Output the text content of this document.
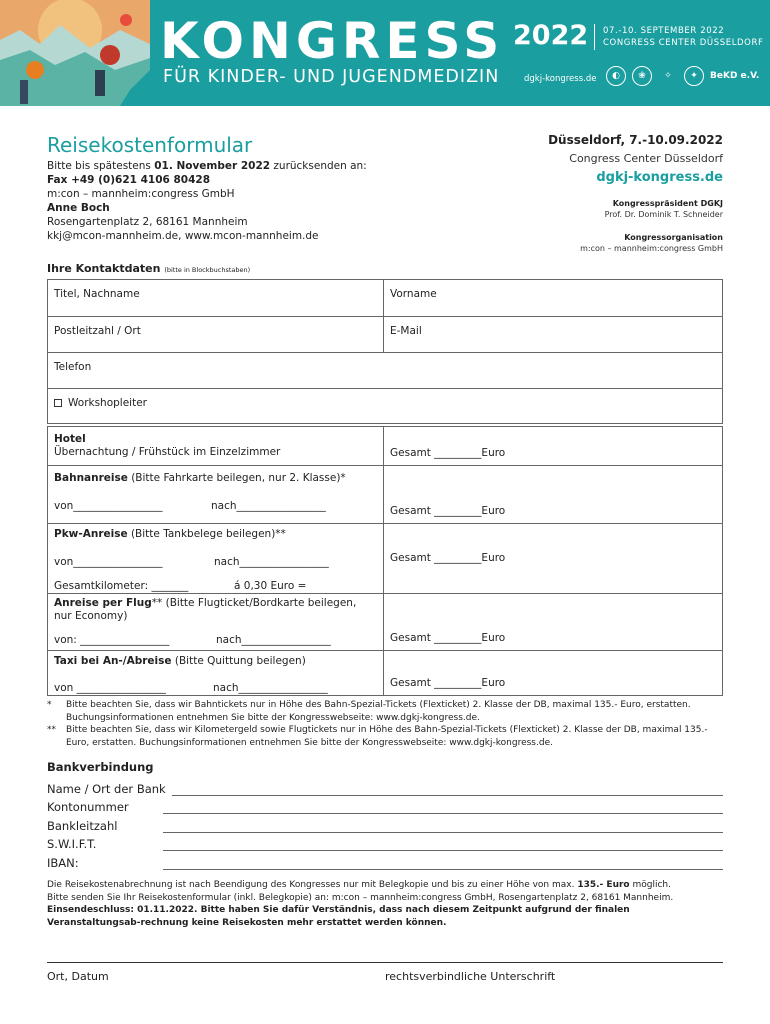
KONGRESS
FÜR KINDER- UND JUGENDMEDIZIN
2022 07.-10. SEPTEMBER 2022
CONGRESS CENTER DÜSSELDORF
dgkj-kongress.de	◐	❀	✧	✦	BeKD e.V.
Reisekostenformular
Bitte bis spätestens 01. November 2022 zurücksenden an:
Fax +49 (0)621 4106 80428
m:con – mannheim:congress GmbH
Anne Boch
Rosengartenplatz 2, 68161 Mannheim
kkj@mcon-mannheim.de, www.mcon-mannheim.de
Düsseldorf, 7.-10.09.2022
Congress Center Düsseldorf
dgkj-kongress.de
Kongresspräsident DGKJ
Prof. Dr. Dominik T. Schneider
Kongressorganisation
m:con – mannheim:congress GmbH
Ihre Kontaktdaten (bitte in Blockbuchstaben)
Titel, Nachname	Vorname
Postleitzahl / Ort	E-Mail
Telefon
Workshopleiter
Hotel
Übernachtung / Frühstück im Einzelzimmer	Gesamt _________Euro
Bahnanreise (Bitte Fahrkarte beilegen, nur 2. Klasse)*
von_________________	nach_________________	Gesamt _________Euro
Pkw-Anreise (Bitte Tankbelege beilegen)**
von_________________	nach_________________
Gesamtkilometer: _______	á 0,30 Euro =
Gesamt _________Euro
Anreise per Flug** (Bitte Flugticket/Bordkarte beilegen, nur Economy)
von: _________________	nach_________________	Gesamt _________Euro
Taxi bei An-/Abreise (Bitte Quittung beilegen)
von _________________	nach_________________	Gesamt _________Euro
*	Bitte beachten Sie, dass wir Bahntickets nur in Höhe des Bahn-Spezial-Tickets (Flexticket) 2. Klasse der DB, maximal 135.- Euro, erstatten. Buchungsinformationen entnehmen Sie bitte der Kongresswebseite: www.dgkj-kongress.de.
**	Bitte beachten Sie, dass wir Kilometergeld sowie Flugtickets nur in Höhe des Bahn-Spezial-Tickets (Flexticket) 2. Klasse der DB, maximal 135.- Euro, erstatten. Buchungsinformationen entnehmen Sie bitte der Kongresswebseite: www.dgkj-kongress.de.
Bankverbindung
Name / Ort der Bank
Kontonummer
Bankleitzahl
S.W.I.F.T.
IBAN:
Die Reisekostenabrechnung ist nach Beendigung des Kongresses nur mit Belegkopie und bis zu einer Höhe von max. 135.- Euro möglich.
Bitte senden Sie Ihr Reisekostenformular (inkl. Belegkopie) an: m:con – mannheim:congress GmbH, Rosengartenplatz 2, 68161 Mannheim.
Einsendeschluss: 01.11.2022. Bitte haben Sie dafür Verständnis, dass nach diesem Zeitpunkt aufgrund der finalen Veranstaltungsab-rechnung keine Reisekosten mehr erstattet werden können.
Ort, Datum	rechtsverbindliche Unterschrift
